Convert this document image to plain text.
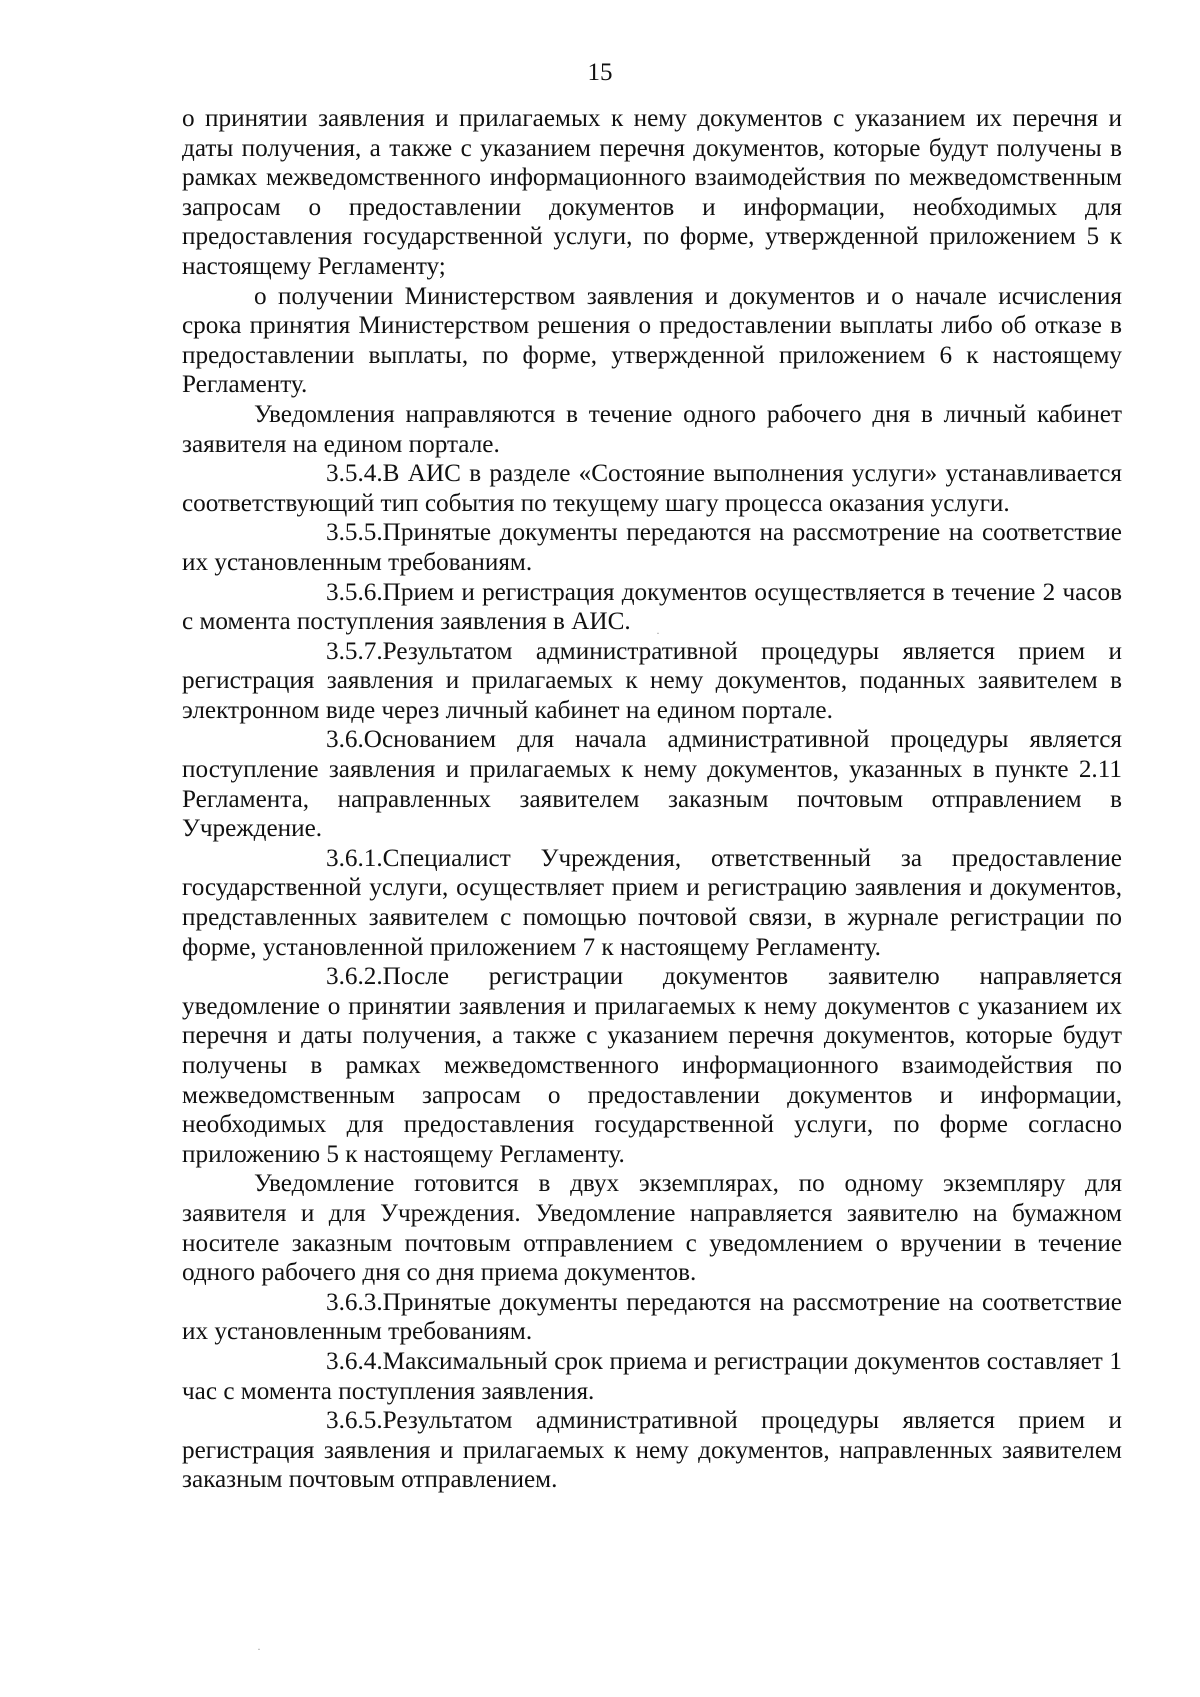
15

о принятии заявления и прилагаемых к нему документов с указанием их перечня и даты получения, а также с указанием перечня документов, которые будут получены в рамках межведомственного информационного взаимодействия по межведомственным запросам о предоставлении документов и информации, необходимых для предоставления государственной услуги, по форме, утвержденной приложением 5 к настоящему Регламенту;

о получении Министерством заявления и документов и о начале исчисления срока принятия Министерством решения о предоставлении выплаты либо об отказе в предоставлении выплаты, по форме, утвержденной приложением 6 к настоящему Регламенту.

Уведомления направляются в течение одного рабочего дня в личный кабинет заявителя на едином портале.

3.5.4.В АИС в разделе «Состояние выполнения услуги» устанавливается соответствующий тип события по текущему шагу процесса оказания услуги.

3.5.5.Принятые документы передаются на рассмотрение на соответствие их установленным требованиям.

3.5.6.Прием и регистрация документов осуществляется в течение 2 часов с момента поступления заявления в АИС.

3.5.7.Результатом административной процедуры является прием и регистрация заявления и прилагаемых к нему документов, поданных заявителем в электронном виде через личный кабинет на едином портале.

3.6.Основанием для начала административной процедуры является поступление заявления и прилагаемых к нему документов, указанных в пункте 2.11 Регламента, направленных заявителем заказным почтовым отправлением в Учреждение.

3.6.1.Специалист Учреждения, ответственный за предоставление государственной услуги, осуществляет прием и регистрацию заявления и документов, представленных заявителем с помощью почтовой связи, в журнале регистрации по форме, установленной приложением 7 к настоящему Регламенту.

3.6.2.После регистрации документов заявителю направляется уведомление о принятии заявления и прилагаемых к нему документов с указанием их перечня и даты получения, а также с указанием перечня документов, которые будут получены в рамках межведомственного информационного взаимодействия по межведомственным запросам о предоставлении документов и информации, необходимых для предоставления государственной услуги, по форме согласно приложению 5 к настоящему Регламенту.

Уведомление готовится в двух экземплярах, по одному экземпляру для заявителя и для Учреждения. Уведомление направляется заявителю на бумажном носителе заказным почтовым отправлением с уведомлением о вручении в течение одного рабочего дня со дня приема документов.

3.6.3.Принятые документы передаются на рассмотрение на соответствие их установленным требованиям.

3.6.4.Максимальный срок приема и регистрации документов составляет 1 час с момента поступления заявления.

3.6.5.Результатом административной процедуры является прием и регистрация заявления и прилагаемых к нему документов, направленных заявителем заказным почтовым отправлением.

·
·
